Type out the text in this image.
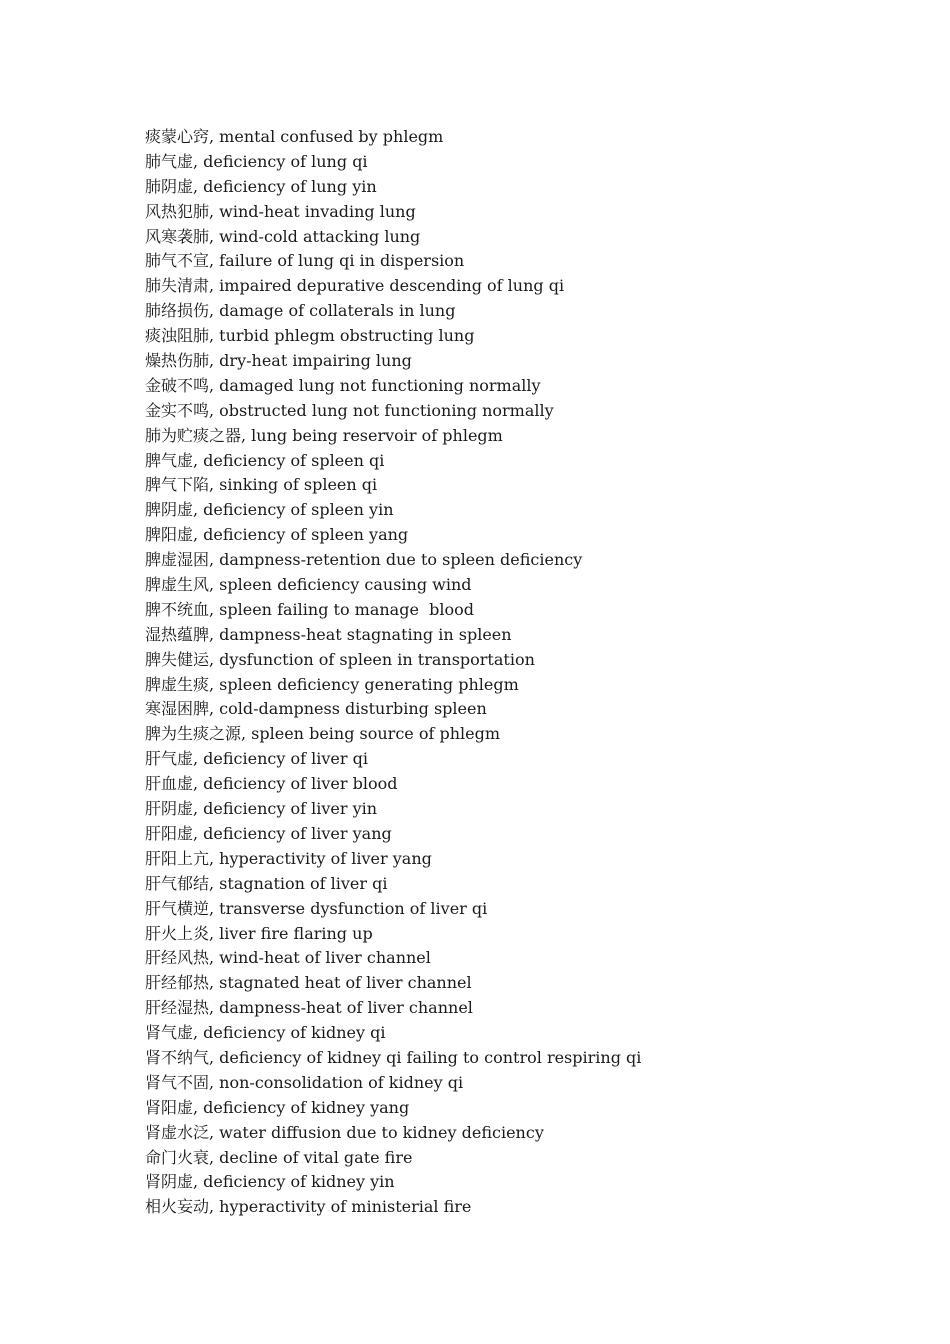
痰蒙心窍, mental confused by phlegm
肺气虚, deficiency of lung qi
肺阴虚, deficiency of lung yin
风热犯肺, wind-heat invading lung
风寒袭肺, wind-cold attacking lung
肺气不宣, failure of lung qi in dispersion
肺失清肃, impaired depurative descending of lung qi
肺络损伤, damage of collaterals in lung
痰浊阻肺, turbid phlegm obstructing lung
燥热伤肺, dry-heat impairing lung
金破不鸣, damaged lung not functioning normally
金实不鸣, obstructed lung not functioning normally
肺为贮痰之器, lung being reservoir of phlegm
脾气虚, deficiency of spleen qi
脾气下陷, sinking of spleen qi
脾阴虚, deficiency of spleen yin
脾阳虚, deficiency of spleen yang
脾虚湿困, dampness-retention due to spleen deficiency
脾虚生风, spleen deficiency causing wind
脾不统血, spleen failing to manage  blood
湿热蕴脾, dampness-heat stagnating in spleen
脾失健运, dysfunction of spleen in transportation
脾虚生痰, spleen deficiency generating phlegm
寒湿困脾, cold-dampness disturbing spleen
脾为生痰之源, spleen being source of phlegm
肝气虚, deficiency of liver qi
肝血虚, deficiency of liver blood
肝阴虚, deficiency of liver yin
肝阳虚, deficiency of liver yang
肝阳上亢, hyperactivity of liver yang
肝气郁结, stagnation of liver qi
肝气横逆, transverse dysfunction of liver qi
肝火上炎, liver fire flaring up
肝经风热, wind-heat of liver channel
肝经郁热, stagnated heat of liver channel
肝经湿热, dampness-heat of liver channel
肾气虚, deficiency of kidney qi
肾不纳气, deficiency of kidney qi failing to control respiring qi
肾气不固, non-consolidation of kidney qi
肾阳虚, deficiency of kidney yang
肾虚水泛, water diffusion due to kidney deficiency
命门火衰, decline of vital gate fire
肾阴虚, deficiency of kidney yin
相火妄动, hyperactivity of ministerial fire
